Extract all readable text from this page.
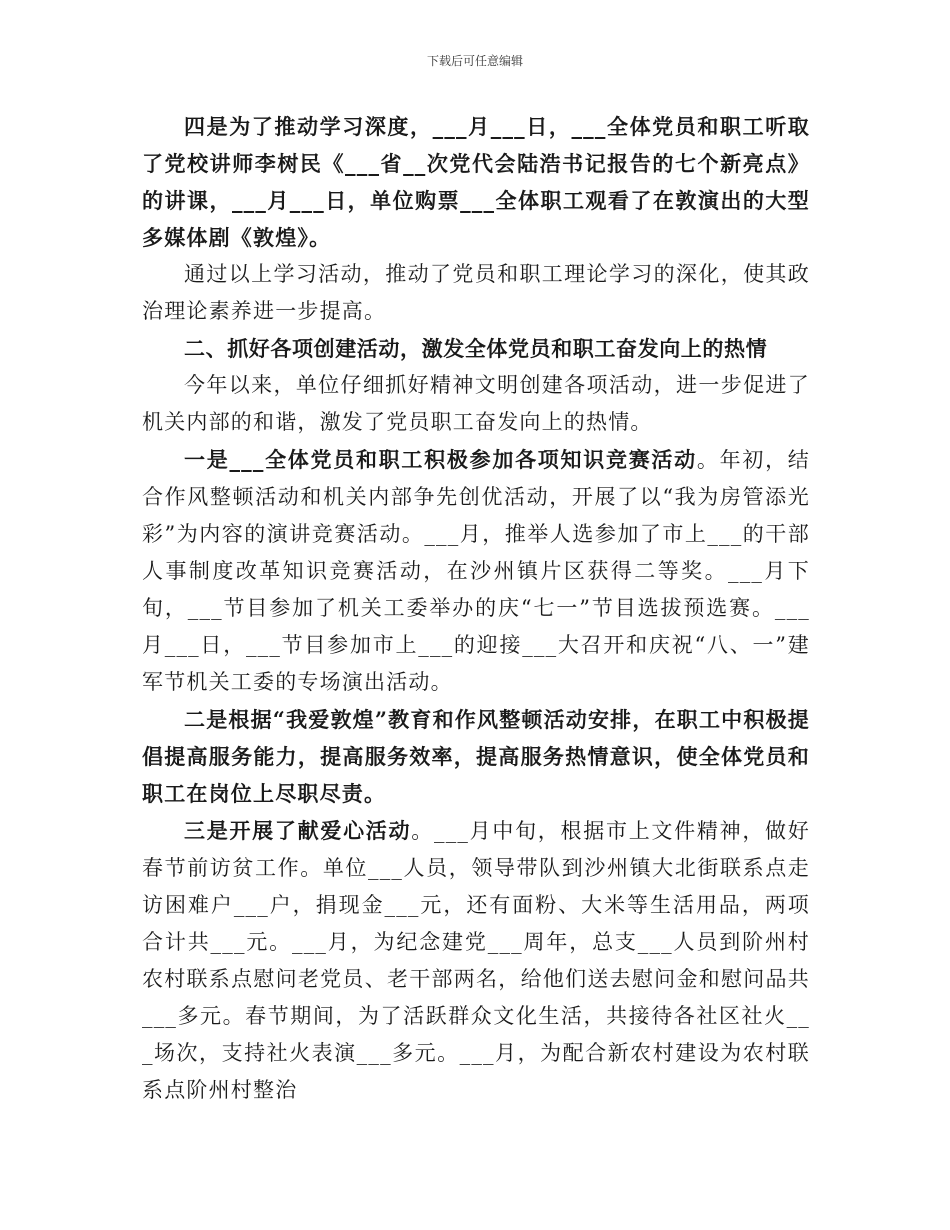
下载后可任意编辑

四是为了推动学习深度，___月___日，___全体党员和职工听取了党校讲师李树民《___省__次党代会陆浩书记报告的七个新亮点》的讲课，___月___日，单位购票___全体职工观看了在敦演出的大型多媒体剧《敦煌》。

通过以上学习活动，推动了党员和职工理论学习的深化，使其政治理论素养进一步提高。

二、抓好各项创建活动，激发全体党员和职工奋发向上的热情

今年以来，单位仔细抓好精神文明创建各项活动，进一步促进了机关内部的和谐，激发了党员职工奋发向上的热情。

一是___全体党员和职工积极参加各项知识竞赛活动。年初，结合作风整顿活动和机关内部争先创优活动，开展了以“我为房管添光彩”为内容的演讲竞赛活动。___月，推举人选参加了市上___的干部人事制度改革知识竞赛活动，在沙州镇片区获得二等奖。___月下旬，___节目参加了机关工委举办的庆“七一”节目选拔预选赛。___月___日，___节目参加市上___的迎接___大召开和庆祝“八、一”建军节机关工委的专场演出活动。

二是根据“我爱敦煌”教育和作风整顿活动安排，在职工中积极提倡提高服务能力，提高服务效率，提高服务热情意识，使全体党员和职工在岗位上尽职尽责。

三是开展了献爱心活动。___月中旬，根据市上文件精神，做好春节前访贫工作。单位___人员，领导带队到沙州镇大北街联系点走访困难户___户，捐现金___元，还有面粉、大米等生活用品，两项合计共___元。___月，为纪念建党___周年，总支___人员到阶州村农村联系点慰问老党员、老干部两名，给他们送去慰问金和慰问品共___多元。春节期间，为了活跃群众文化生活，共接待各社区社火___场次，支持社火表演___多元。___月，为配合新农村建设为农村联系点阶州村整治
